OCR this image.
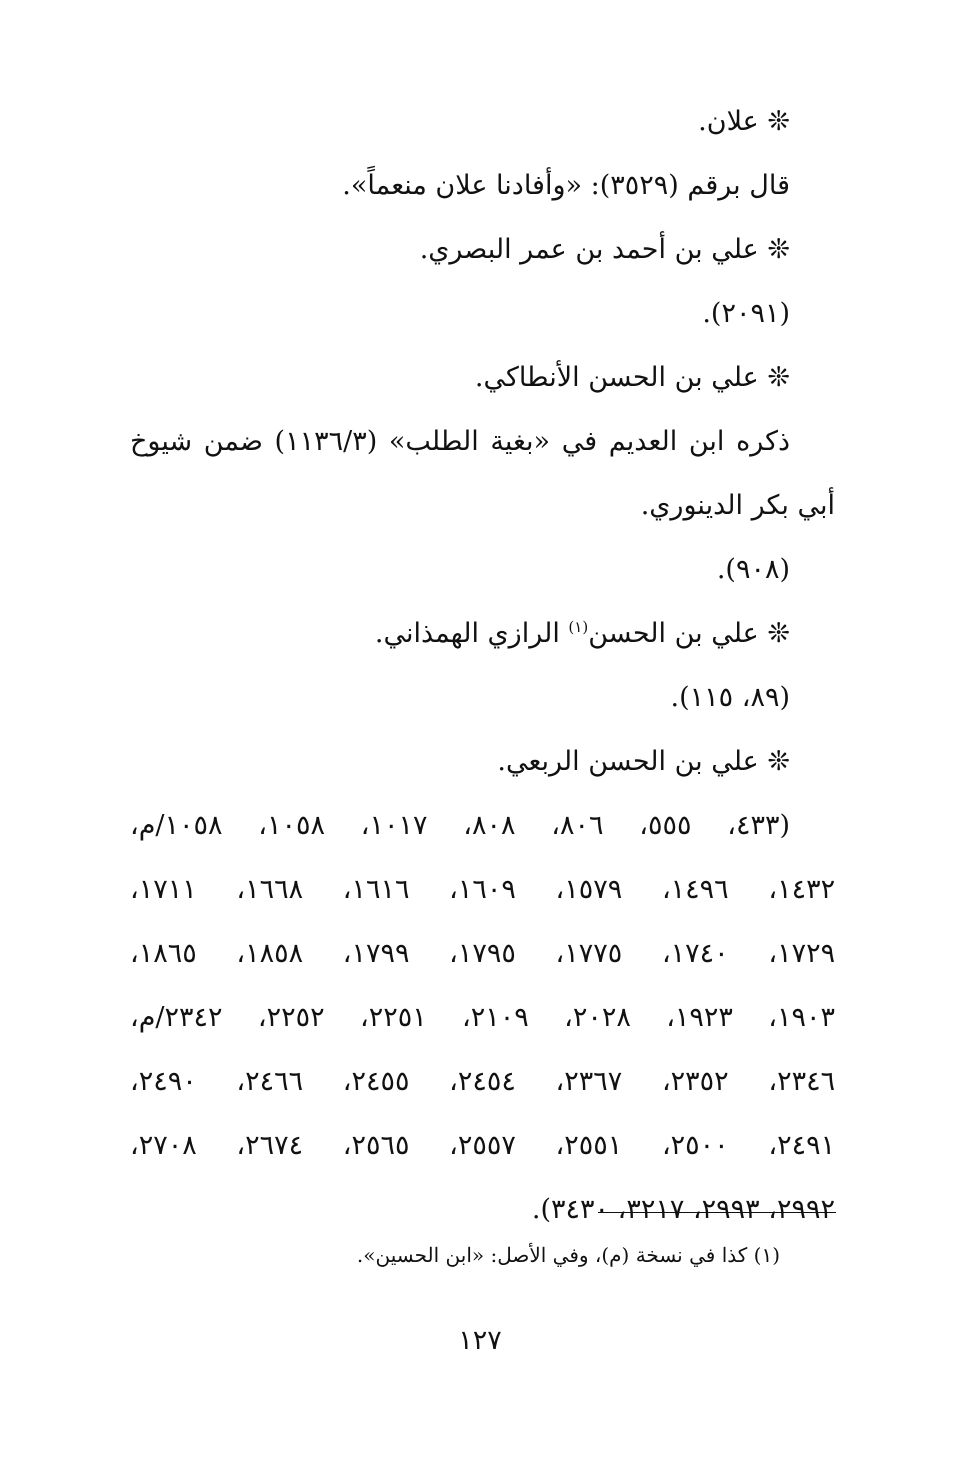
❊ علان.
قال برقم (٣٥٢٩): «وأفادنا علان منعماً».
❊ علي بن أحمد بن عمر البصري.
(٢٠٩١).
❊ علي بن الحسن الأنطاكي.
ذكره ابن العديم في «بغية الطلب» (١١٣٦/٣) ضمن شيوخ
أبي بكر الدينوري.
(٩٠٨).
❊ علي بن الحسن$^{(١)}$ الرازي الهمذاني.
(٨٩، ١١٥).
❊ علي بن الحسن الربعي.
(٤٣٣، ٥٥٥، ٨٠٦، ٨٠٨، ١٠١٧، ١٠٥٨، ١٠٥٨/م،
١٤٣٢، ١٤٩٦، ١٥٧٩، ١٦٠٩، ١٦١٦، ١٦٦٨، ١٧١١،
١٧٢٩، ١٧٤٠، ١٧٧٥، ١٧٩٥، ١٧٩٩، ١٨٥٨، ١٨٦٥،
١٩٠٣، ١٩٢٣، ٢٠٢٨، ٢١٠٩، ٢٢٥١، ٢٢٥٢، ٢٣٤٢/م،
٢٣٤٦، ٢٣٥٢، ٢٣٦٧، ٢٤٥٤، ٢٤٥٥، ٢٤٦٦، ٢٤٩٠،
٢٤٩١، ٢٥٠٠، ٢٥٥١، ٢٥٥٧، ٢٥٦٥، ٢٦٧٤، ٢٧٠٨،
٢٩٩٢، ٢٩٩٣، ٣٢١٧، ٣٤٣٠).
(١) كذا في نسخة (م)، وفي الأصل: «ابن الحسين».
١٢٧
